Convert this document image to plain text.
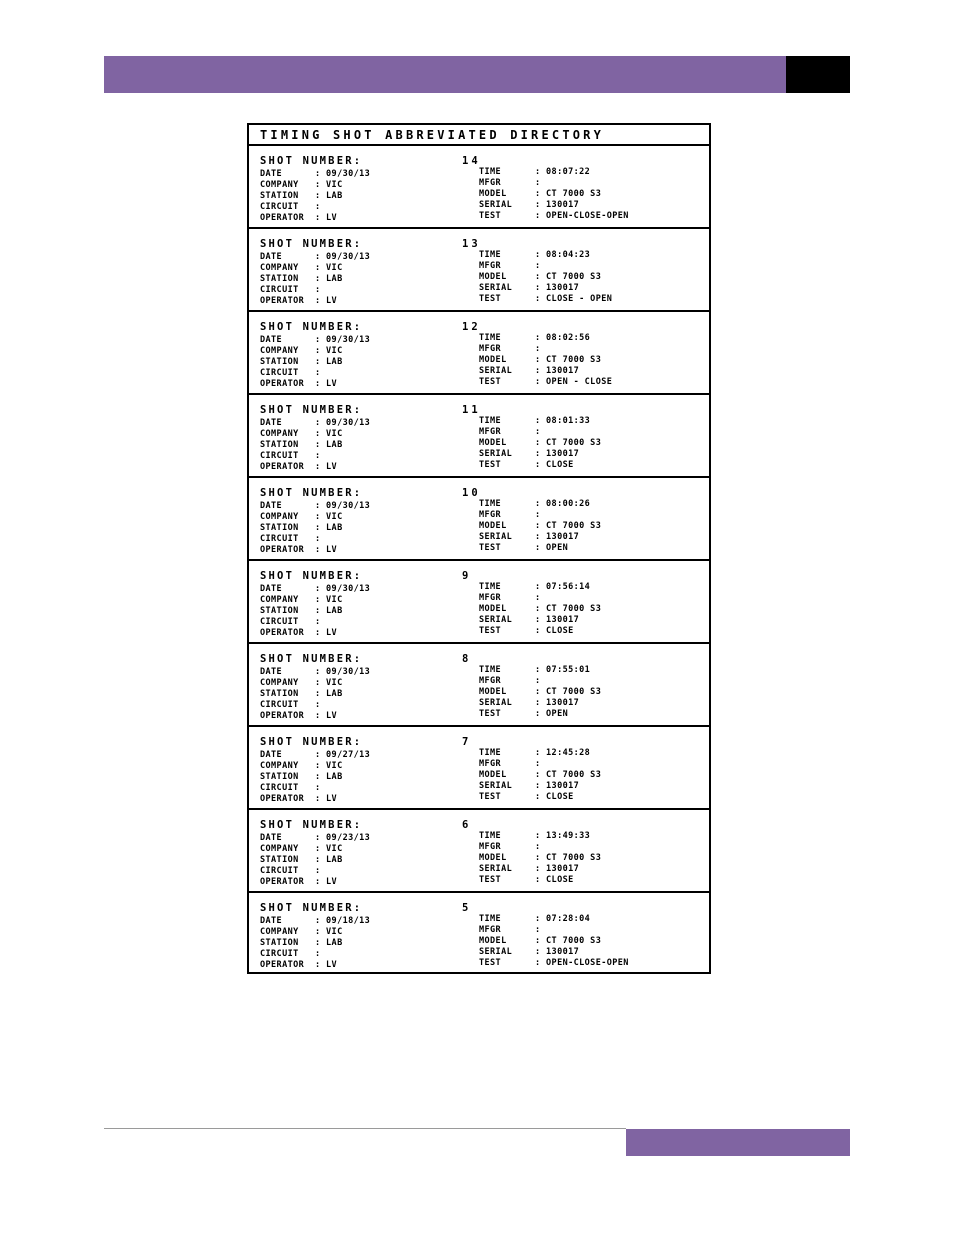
TIMING SHOT ABBREVIATED DIRECTORY
SHOT NUMBER:	14
DATE	: 09/30/13
COMPANY	: VIC
STATION	: LAB
CIRCUIT	:
OPERATOR	: LV
TIME	: 08:07:22
MFGR	:
MODEL	: CT 7000 S3
SERIAL	: 130017
TEST	: OPEN-CLOSE-OPEN
SHOT NUMBER:	13
DATE	: 09/30/13
COMPANY	: VIC
STATION	: LAB
CIRCUIT	:
OPERATOR	: LV
TIME	: 08:04:23
MFGR	:
MODEL	: CT 7000 S3
SERIAL	: 130017
TEST	: CLOSE - OPEN
SHOT NUMBER:	12
DATE	: 09/30/13
COMPANY	: VIC
STATION	: LAB
CIRCUIT	:
OPERATOR	: LV
TIME	: 08:02:56
MFGR	:
MODEL	: CT 7000 S3
SERIAL	: 130017
TEST	: OPEN - CLOSE
SHOT NUMBER:	11
DATE	: 09/30/13
COMPANY	: VIC
STATION	: LAB
CIRCUIT	:
OPERATOR	: LV
TIME	: 08:01:33
MFGR	:
MODEL	: CT 7000 S3
SERIAL	: 130017
TEST	: CLOSE
SHOT NUMBER:	10
DATE	: 09/30/13
COMPANY	: VIC
STATION	: LAB
CIRCUIT	:
OPERATOR	: LV
TIME	: 08:00:26
MFGR	:
MODEL	: CT 7000 S3
SERIAL	: 130017
TEST	: OPEN
SHOT NUMBER:	9
DATE	: 09/30/13
COMPANY	: VIC
STATION	: LAB
CIRCUIT	:
OPERATOR	: LV
TIME	: 07:56:14
MFGR	:
MODEL	: CT 7000 S3
SERIAL	: 130017
TEST	: CLOSE
SHOT NUMBER:	8
DATE	: 09/30/13
COMPANY	: VIC
STATION	: LAB
CIRCUIT	:
OPERATOR	: LV
TIME	: 07:55:01
MFGR	:
MODEL	: CT 7000 S3
SERIAL	: 130017
TEST	: OPEN
SHOT NUMBER:	7
DATE	: 09/27/13
COMPANY	: VIC
STATION	: LAB
CIRCUIT	:
OPERATOR	: LV
TIME	: 12:45:28
MFGR	:
MODEL	: CT 7000 S3
SERIAL	: 130017
TEST	: CLOSE
SHOT NUMBER:	6
DATE	: 09/23/13
COMPANY	: VIC
STATION	: LAB
CIRCUIT	:
OPERATOR	: LV
TIME	: 13:49:33
MFGR	:
MODEL	: CT 7000 S3
SERIAL	: 130017
TEST	: CLOSE
SHOT NUMBER:	5
DATE	: 09/18/13
COMPANY	: VIC
STATION	: LAB
CIRCUIT	:
OPERATOR	: LV
TIME	: 07:28:04
MFGR	:
MODEL	: CT 7000 S3
SERIAL	: 130017
TEST	: OPEN-CLOSE-OPEN
